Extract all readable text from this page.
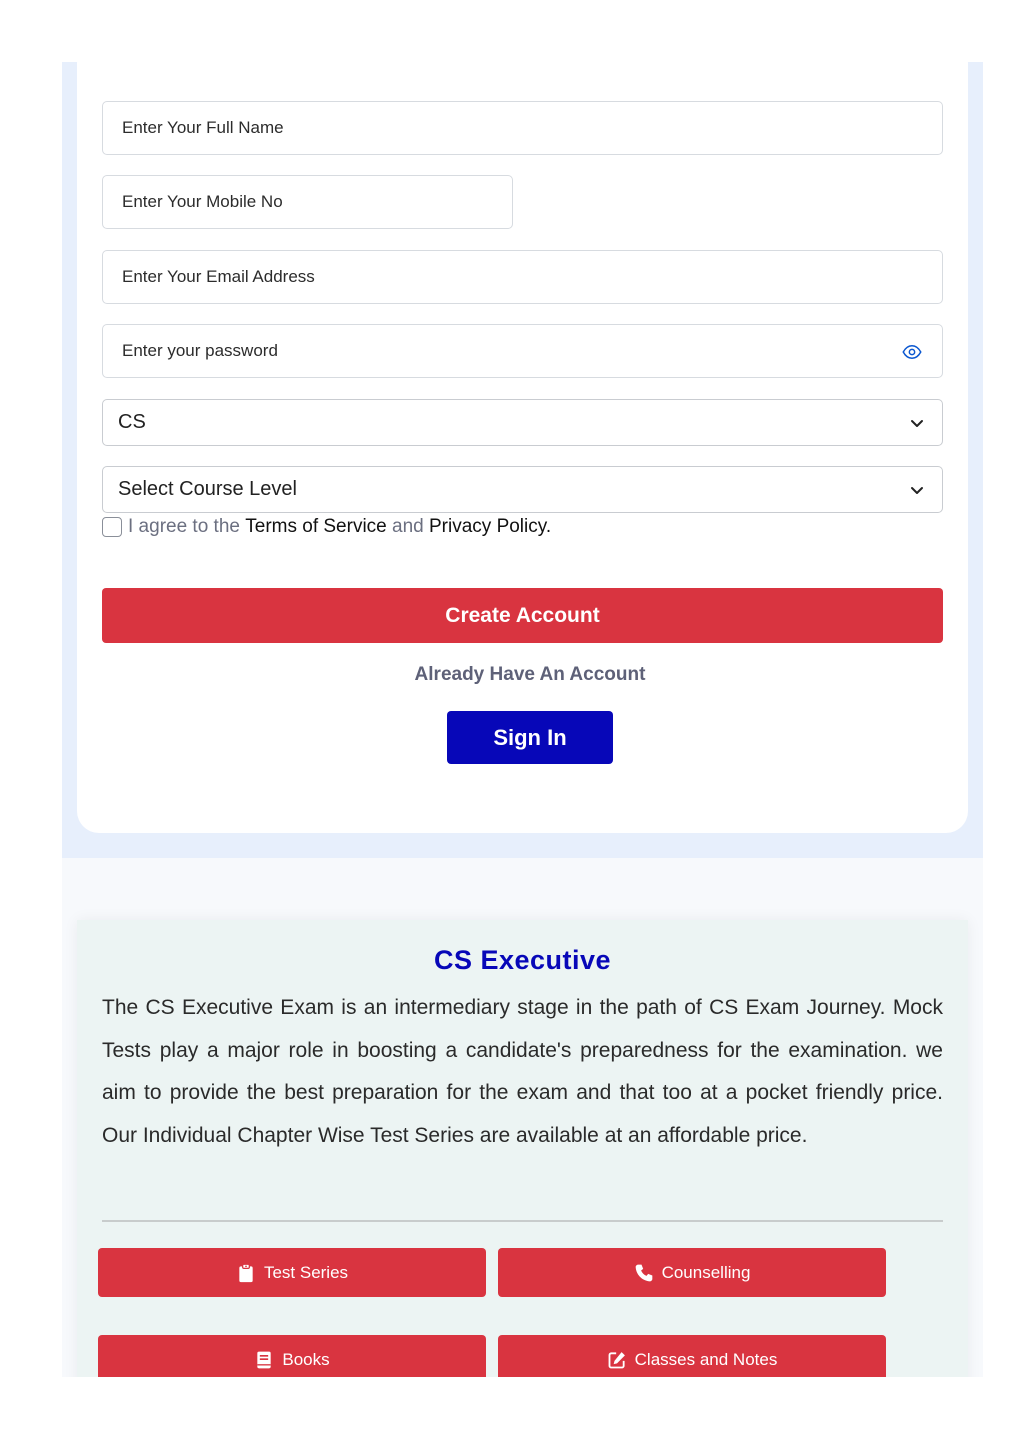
Enter Your Full Name
Enter Your Mobile No
Enter Your Email Address
CS
Select Course Level
I agree to the Terms of Service and Privacy Policy.
Create Account
Already Have An Account
Sign In
CS Executive

The CS Executive Exam is an intermediary stage in the path of CS Exam Journey. Mock Tests play a major role in boosting a candidate's preparedness for the examination. we aim to provide the best preparation for the exam and that too at a pocket friendly price. Our Individual Chapter Wise Test Series are available at an affordable price.

Test Series	Counselling
Books	Classes and Notes
